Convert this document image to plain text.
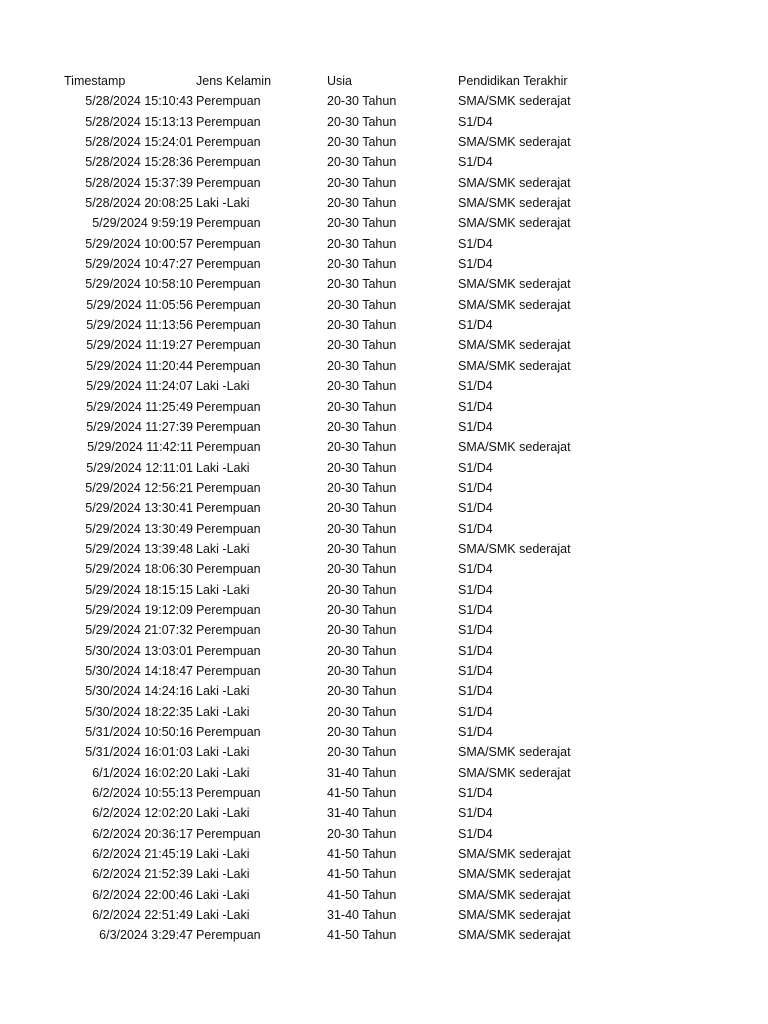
Timestamp	Jens Kelamin	Usia	Pendidikan Terakhir
5/28/2024 15:10:43 Perempuan	20-30 Tahun	SMA/SMK sederajat
5/28/2024 15:13:13 Perempuan	20-30 Tahun	S1/D4
5/28/2024 15:24:01 Perempuan	20-30 Tahun	SMA/SMK sederajat
5/28/2024 15:28:36 Perempuan	20-30 Tahun	S1/D4
5/28/2024 15:37:39 Perempuan	20-30 Tahun	SMA/SMK sederajat
5/28/2024 20:08:25 Laki -Laki	20-30 Tahun	SMA/SMK sederajat
5/29/2024 9:59:19 Perempuan	20-30 Tahun	SMA/SMK sederajat
5/29/2024 10:00:57 Perempuan	20-30 Tahun	S1/D4
5/29/2024 10:47:27 Perempuan	20-30 Tahun	S1/D4
5/29/2024 10:58:10 Perempuan	20-30 Tahun	SMA/SMK sederajat
5/29/2024 11:05:56 Perempuan	20-30 Tahun	SMA/SMK sederajat
5/29/2024 11:13:56 Perempuan	20-30 Tahun	S1/D4
5/29/2024 11:19:27 Perempuan	20-30 Tahun	SMA/SMK sederajat
5/29/2024 11:20:44 Perempuan	20-30 Tahun	SMA/SMK sederajat
5/29/2024 11:24:07 Laki -Laki	20-30 Tahun	S1/D4
5/29/2024 11:25:49 Perempuan	20-30 Tahun	S1/D4
5/29/2024 11:27:39 Perempuan	20-30 Tahun	S1/D4
5/29/2024 11:42:11 Perempuan	20-30 Tahun	SMA/SMK sederajat
5/29/2024 12:11:01 Laki -Laki	20-30 Tahun	S1/D4
5/29/2024 12:56:21 Perempuan	20-30 Tahun	S1/D4
5/29/2024 13:30:41 Perempuan	20-30 Tahun	S1/D4
5/29/2024 13:30:49 Perempuan	20-30 Tahun	S1/D4
5/29/2024 13:39:48 Laki -Laki	20-30 Tahun	SMA/SMK sederajat
5/29/2024 18:06:30 Perempuan	20-30 Tahun	S1/D4
5/29/2024 18:15:15 Laki -Laki	20-30 Tahun	S1/D4
5/29/2024 19:12:09 Perempuan	20-30 Tahun	S1/D4
5/29/2024 21:07:32 Perempuan	20-30 Tahun	S1/D4
5/30/2024 13:03:01 Perempuan	20-30 Tahun	S1/D4
5/30/2024 14:18:47 Perempuan	20-30 Tahun	S1/D4
5/30/2024 14:24:16 Laki -Laki	20-30 Tahun	S1/D4
5/30/2024 18:22:35 Laki -Laki	20-30 Tahun	S1/D4
5/31/2024 10:50:16 Perempuan	20-30 Tahun	S1/D4
5/31/2024 16:01:03 Laki -Laki	20-30 Tahun	SMA/SMK sederajat
6/1/2024 16:02:20 Laki -Laki	31-40 Tahun	SMA/SMK sederajat
6/2/2024 10:55:13 Perempuan	41-50 Tahun	S1/D4
6/2/2024 12:02:20 Laki -Laki	31-40 Tahun	S1/D4
6/2/2024 20:36:17 Perempuan	20-30 Tahun	S1/D4
6/2/2024 21:45:19 Laki -Laki	41-50 Tahun	SMA/SMK sederajat
6/2/2024 21:52:39 Laki -Laki	41-50 Tahun	SMA/SMK sederajat
6/2/2024 22:00:46 Laki -Laki	41-50 Tahun	SMA/SMK sederajat
6/2/2024 22:51:49 Laki -Laki	31-40 Tahun	SMA/SMK sederajat
6/3/2024 3:29:47 Perempuan	41-50 Tahun	SMA/SMK sederajat
